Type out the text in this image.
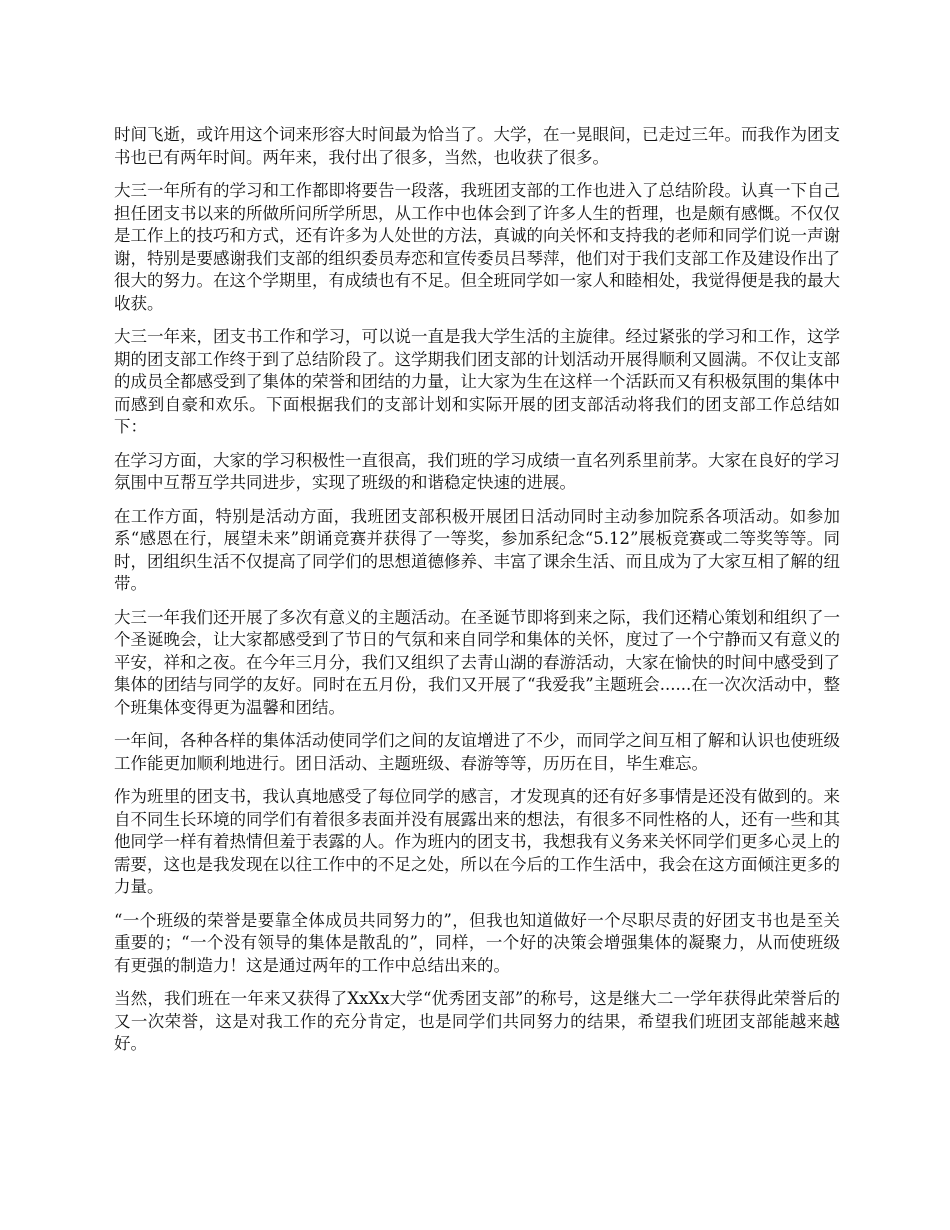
时间飞逝，或许用这个词来形容大时间最为恰当了。大学，在一晃眼间，已走过三年。而我作为团支书也已有两年时间。两年来，我付出了很多，当然，也收获了很多。

大三一年所有的学习和工作都即将要告一段落，我班团支部的工作也进入了总结阶段。认真一下自己担任团支书以来的所做所问所学所思，从工作中也体会到了许多人生的哲理，也是颇有感慨。不仅仅是工作上的技巧和方式，还有许多为人处世的方法，真诚的向关怀和支持我的老师和同学们说一声谢谢，特别是要感谢我们支部的组织委员寿恋和宣传委员吕琴萍，他们对于我们支部工作及建设作出了很大的努力。在这个学期里，有成绩也有不足。但全班同学如一家人和睦相处，我觉得便是我的最大收获。

大三一年来，团支书工作和学习，可以说一直是我大学生活的主旋律。经过紧张的学习和工作，这学期的团支部工作终于到了总结阶段了。这学期我们团支部的计划活动开展得顺利又圆满。不仅让支部的成员全都感受到了集体的荣誉和团结的力量，让大家为生在这样一个活跃而又有积极氛围的集体中而感到自豪和欢乐。下面根据我们的支部计划和实际开展的团支部活动将我们的团支部工作总结如下：

在学习方面，大家的学习积极性一直很高，我们班的学习成绩一直名列系里前茅。大家在良好的学习氛围中互帮互学共同进步，实现了班级的和谐稳定快速的进展。

在工作方面，特别是活动方面，我班团支部积极开展团日活动同时主动参加院系各项活动。如参加系“感恩在行，展望未来”朗诵竞赛并获得了一等奖，参加系纪念“5.12”展板竞赛或二等奖等等。同时，团组织生活不仅提高了同学们的思想道德修养、丰富了课余生活、而且成为了大家互相了解的纽带。

大三一年我们还开展了多次有意义的主题活动。在圣诞节即将到来之际，我们还精心策划和组织了一个圣诞晚会，让大家都感受到了节日的气氛和来自同学和集体的关怀，度过了一个宁静而又有意义的平安，祥和之夜。在今年三月分，我们又组织了去青山湖的春游活动，大家在愉快的时间中感受到了集体的团结与同学的友好。同时在五月份，我们又开展了“我爱我”主题班会......在一次次活动中，整个班集体变得更为温馨和团结。

一年间，各种各样的集体活动使同学们之间的友谊增进了不少，而同学之间互相了解和认识也使班级工作能更加顺利地进行。团日活动、主题班级、春游等等，历历在目，毕生难忘。

作为班里的团支书，我认真地感受了每位同学的感言，才发现真的还有好多事情是还没有做到的。来自不同生长环境的同学们有着很多表面并没有展露出来的想法，有很多不同性格的人，还有一些和其他同学一样有着热情但羞于表露的人。作为班内的团支书，我想我有义务来关怀同学们更多心灵上的需要，这也是我发现在以往工作中的不足之处，所以在今后的工作生活中，我会在这方面倾注更多的力量。

“一个班级的荣誉是要靠全体成员共同努力的”，但我也知道做好一个尽职尽责的好团支书也是至关重要的；“一个没有领导的集体是散乱的”，同样，一个好的决策会增强集体的凝聚力，从而使班级有更强的制造力！这是通过两年的工作中总结出来的。

当然，我们班在一年来又获得了XxXx大学“优秀团支部”的称号，这是继大二一学年获得此荣誉后的又一次荣誉，这是对我工作的充分肯定，也是同学们共同努力的结果，希望我们班团支部能越来越好。
